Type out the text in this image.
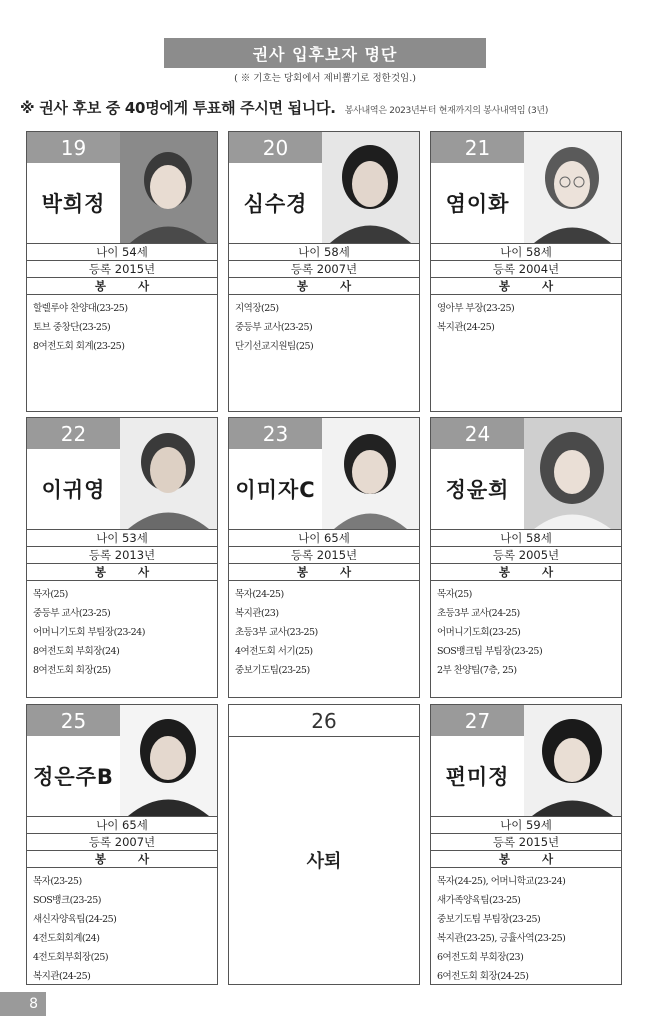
권사 입후보자 명단
( ※ 기호는 당회에서 제비뽑기로 정한것임.)
※ 권사 후보 중 40명에게 투표해 주시면 됩니다. 봉사내역은 2023년부터 현재까지의 봉사내역임 (3년)
19
박희정
나이 54세
등록 2015년
봉 사
할렐루야 찬양대(23-25)
토브 중창단(23-25)
8여전도회 회계(23-25)
20
심수경
나이 58세
등록 2007년
봉 사
지역장(25)
중등부 교사(23-25)
단기선교지원팀(25)
21
염이화
나이 58세
등록 2004년
봉 사
영아부 부장(23-25)
복지관(24-25)
22
이귀영
나이 53세
등록 2013년
봉 사
목자(25)
중등부 교사(23-25)
어머니기도회 부팀장(23-24)
8여전도회 부회장(24)
8여전도회 회장(25)
23
이미자C
나이 65세
등록 2015년
봉 사
목자(24-25)
복지관(23)
초등3부 교사(23-25)
4여전도회 서기(25)
중보기도팀(23-25)
24
정윤희
나이 58세
등록 2005년
봉 사
목자(25)
초등3부 교사(24-25)
어머니기도회(23-25)
SOS뱅크팀 부팀장(23-25)
2부 찬양팀(7층, 25)
25
정은주B
나이 65세
등록 2007년
봉 사
목자(23-25)
SOS뱅크(23-25)
새신자양육팀(24-25)
4전도회회계(24)
4전도회부회장(25)
복지관(24-25)
26
사퇴
27
편미정
나이 59세
등록 2015년
봉 사
목자(24-25), 어머니학교(23-24)
새가족양육팀(23-25)
중보기도팀 부팀장(23-25)
복지관(23-25), 긍휼사역(23-25)
6여전도회 부회장(23)
6여전도회 회장(24-25)
8
